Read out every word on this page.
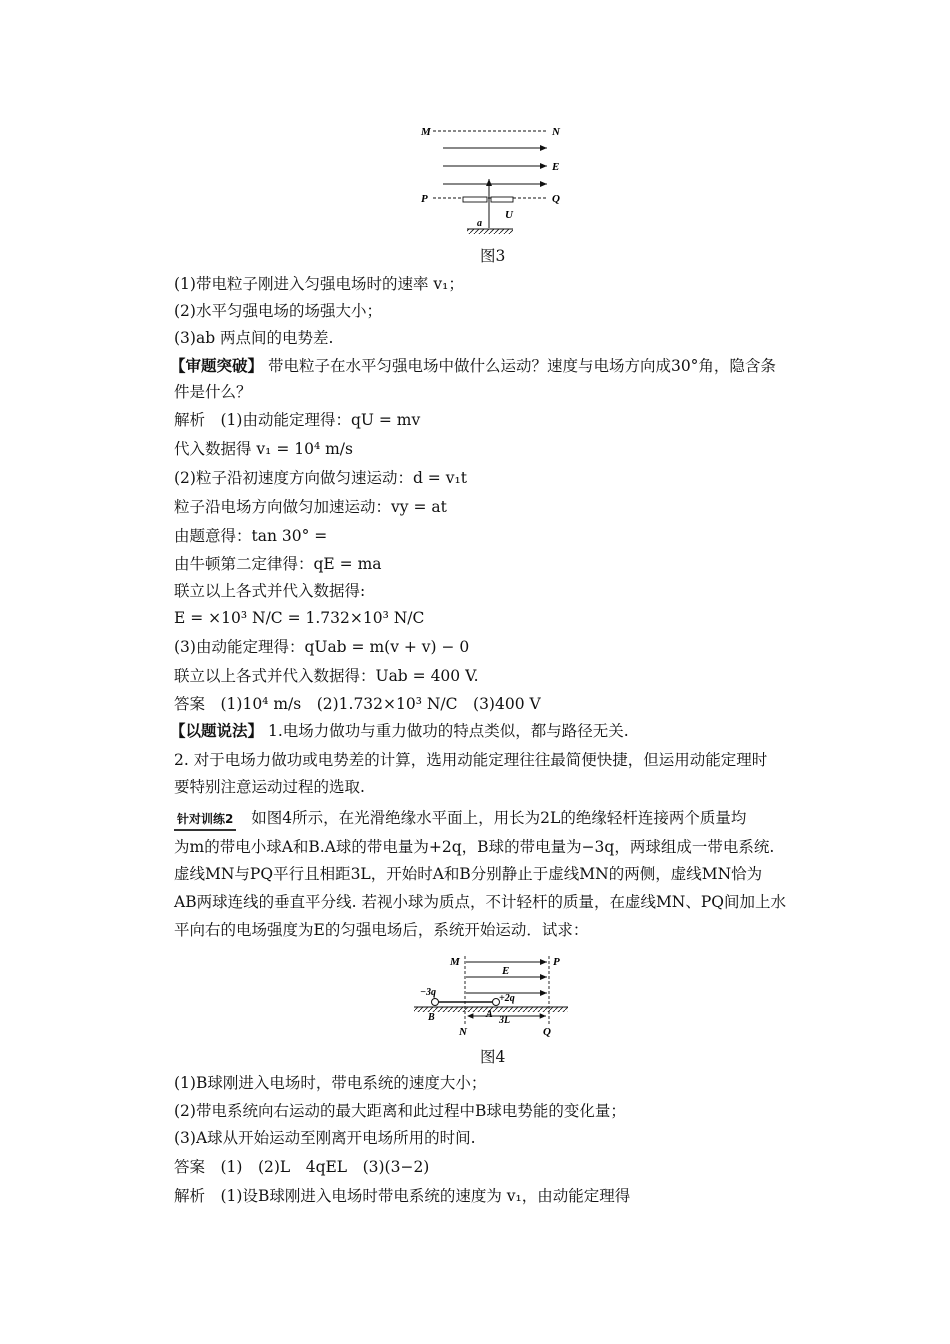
M	N
E
P	Q
U
a
图3
(1)带电粒子刚进入匀强电场时的速率 v₁；
(2)水平匀强电场的场强大小；
(3)ab 两点间的电势差.
【审题突破】 带电粒子在水平匀强电场中做什么运动？速度与电场方向成30°角，隐含条
件是什么？
解析　(1)由动能定理得：qU = mv
代入数据得 v₁ = 10⁴ m/s
(2)粒子沿初速度方向做匀速运动：d = v₁t
粒子沿电场方向做匀加速运动：vy = at
由题意得：tan 30° =
由牛顿第二定律得：qE = ma
联立以上各式并代入数据得:
E = ×10³ N/C = 1.732×10³ N/C
(3)由动能定理得：qUab = m(v + v) − 0
联立以上各式并代入数据得：Uab = 400 V.
答案　(1)10⁴ m/s　(2)1.732×10³ N/C　(3)400 V
【以题说法】 1.电场力做功与重力做功的特点类似，都与路径无关.
2. 对于电场力做功或电势差的计算，选用动能定理往往最简便快捷，但运用动能定理时
要特别注意运动过程的选取.
针对训练2 如图4所示，在光滑绝缘水平面上，用长为2L的绝缘轻杆连接两个质量均
为m的带电小球A和B.A球的带电量为+2q，B球的带电量为−3q，两球组成一带电系统.
虚线MN与PQ平行且相距3L，开始时A和B分别静止于虚线MN的两侧，虚线MN恰为
AB两球连线的垂直平分线. 若视小球为质点，不计轻杆的质量，在虚线MN、PQ间加上水
平向右的电场强度为E的匀强电场后，系统开始运动．试求：
M	P
E
−3q
+2q
B	A
3L
N	Q
图4
(1)B球刚进入电场时，带电系统的速度大小；
(2)带电系统向右运动的最大距离和此过程中B球电势能的变化量；
(3)A球从开始运动至刚离开电场所用的时间.
答案　(1)　(2)L　4qEL　(3)(3−2)
解析　(1)设B球刚进入电场时带电系统的速度为 v₁，由动能定理得
